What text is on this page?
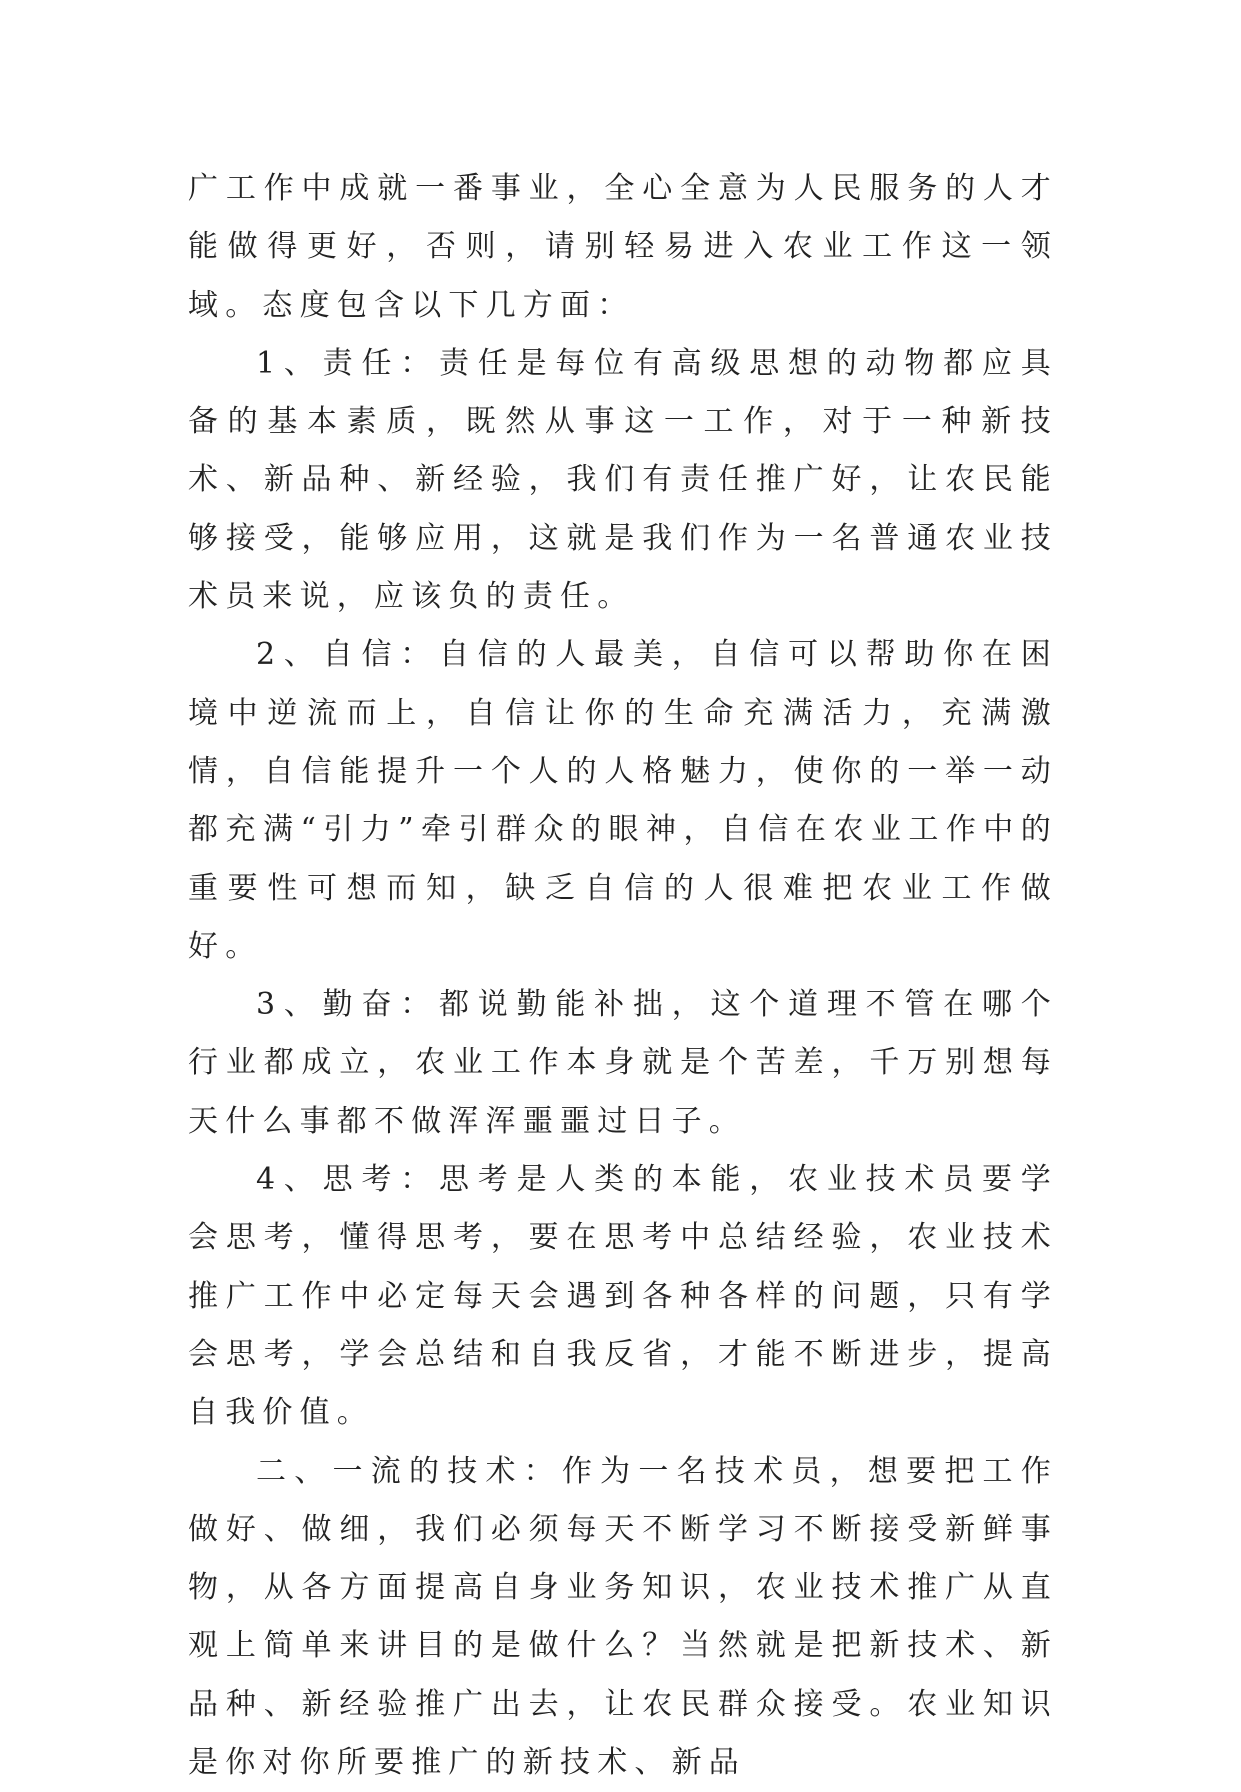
广工作中成就一番事业，全心全意为人民服务的人才能做得更好，否则，请别轻易进入农业工作这一领域。态度包含以下几方面：

1、责任：责任是每位有高级思想的动物都应具备的基本素质，既然从事这一工作，对于一种新技术、新品种、新经验，我们有责任推广好，让农民能够接受，能够应用，这就是我们作为一名普通农业技术员来说，应该负的责任。

2、自信：自信的人最美，自信可以帮助你在困境中逆流而上，自信让你的生命充满活力，充满激情，自信能提升一个人的人格魅力，使你的一举一动都充满“引力”牵引群众的眼神，自信在农业工作中的重要性可想而知，缺乏自信的人很难把农业工作做好。

3、勤奋：都说勤能补拙，这个道理不管在哪个行业都成立，农业工作本身就是个苦差，千万别想每天什么事都不做浑浑噩噩过日子。

4、思考：思考是人类的本能，农业技术员要学会思考，懂得思考，要在思考中总结经验，农业技术推广工作中必定每天会遇到各种各样的问题，只有学会思考，学会总结和自我反省，才能不断进步，提高自我价值。

二、一流的技术：作为一名技术员，想要把工作做好、做细，我们必须每天不断学习不断接受新鲜事物，从各方面提高自身业务知识，农业技术推广从直观上简单来讲目的是做什么？当然就是把新技术、新品种、新经验推广出去，让农民群众接受。农业知识是你对你所要推广的新技术、新品
